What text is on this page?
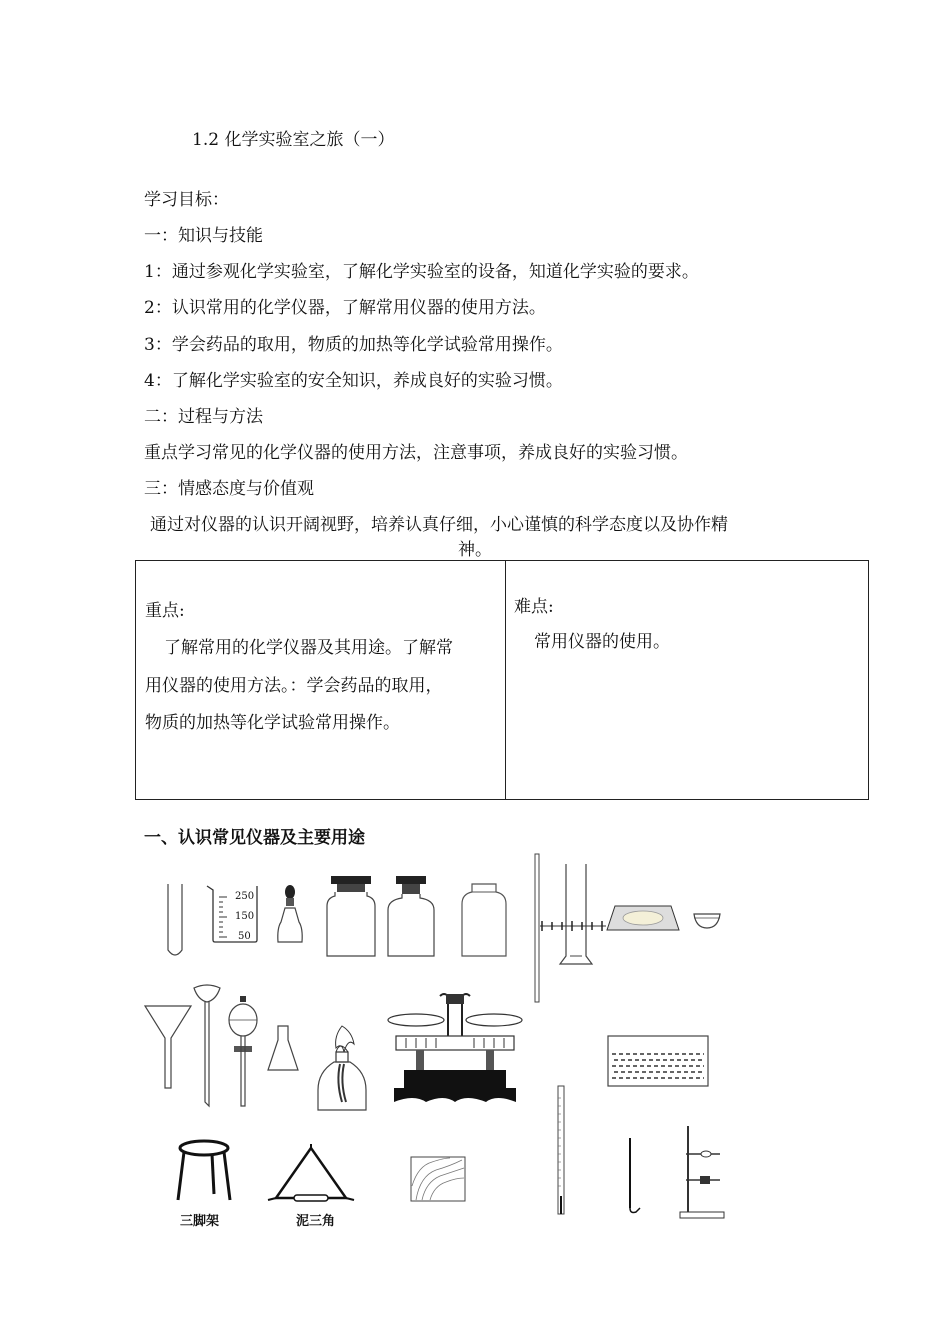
1.2 化学实验室之旅（一）
学习目标：
一：知识与技能
1：通过参观化学实验室，了解化学实验室的设备，知道化学实验的要求。
2：认识常用的化学仪器，了解常用仪器的使用方法。
3：学会药品的取用，物质的加热等化学试验常用操作。
4：了解化学实验室的安全知识，养成良好的实验习惯。
二：过程与方法
重点学习常见的化学仪器的使用方法，注意事项，养成良好的实验习惯。
三：情感态度与价值观
通过对仪器的认识开阔视野，培养认真仔细，小心谨慎的科学态度以及协作精
神。
重点:
了解常用的化学仪器及其用途。了解常
用仪器的使用方法。：学会药品的取用，
物质的加热等化学试验常用操作。
难点:
常用仪器的使用。
一、认识常见仪器及主要用途
250
150
50
三脚架	泥三角
